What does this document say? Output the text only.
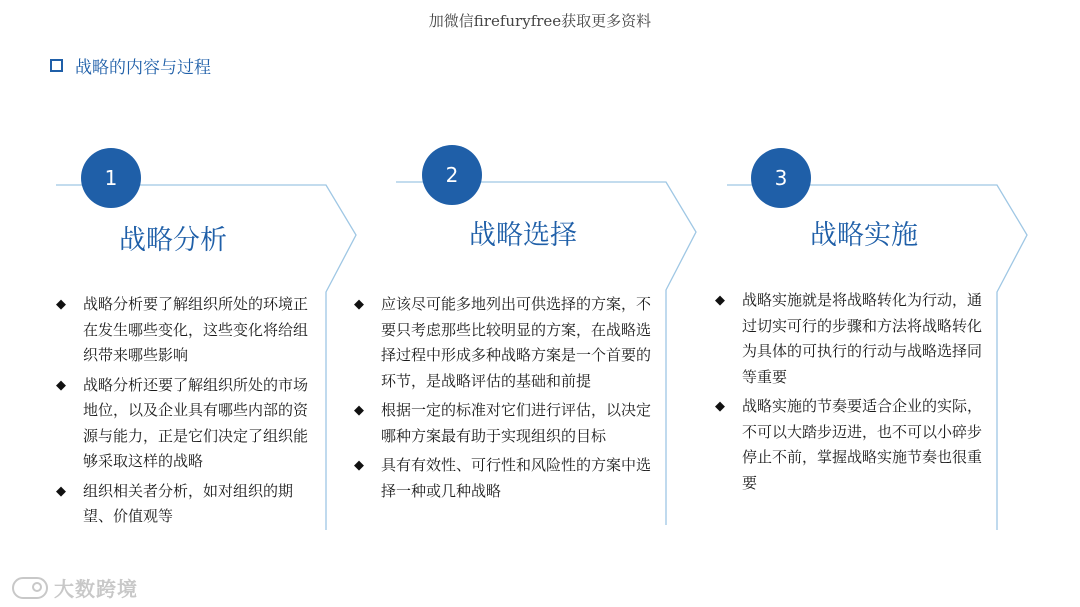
加微信firefuryfree获取更多资料
战略的内容与过程
1
战略分析
◆ 战略分析要了解组织所处的环境正在发生哪些变化，这些变化将给组织带来哪些影响
◆ 战略分析还要了解组织所处的市场地位，以及企业具有哪些内部的资源与能力，正是它们决定了组织能够采取这样的战略
◆ 组织相关者分析，如对组织的期望、价值观等
2
战略选择
◆ 应该尽可能多地列出可供选择的方案，不要只考虑那些比较明显的方案，在战略选择过程中形成多种战略方案是一个首要的环节，是战略评估的基础和前提
◆ 根据一定的标准对它们进行评估，以决定哪种方案最有助于实现组织的目标
◆ 具有有效性、可行性和风险性的方案中选择一种或几种战略
3
战略实施
◆ 战略实施就是将战略转化为行动，通过切实可行的步骤和方法将战略转化为具体的可执行的行动与战略选择同等重要
◆ 战略实施的节奏要适合企业的实际，不可以大踏步迈进，也不可以小碎步停止不前，掌握战略实施节奏也很重要
大数跨境
